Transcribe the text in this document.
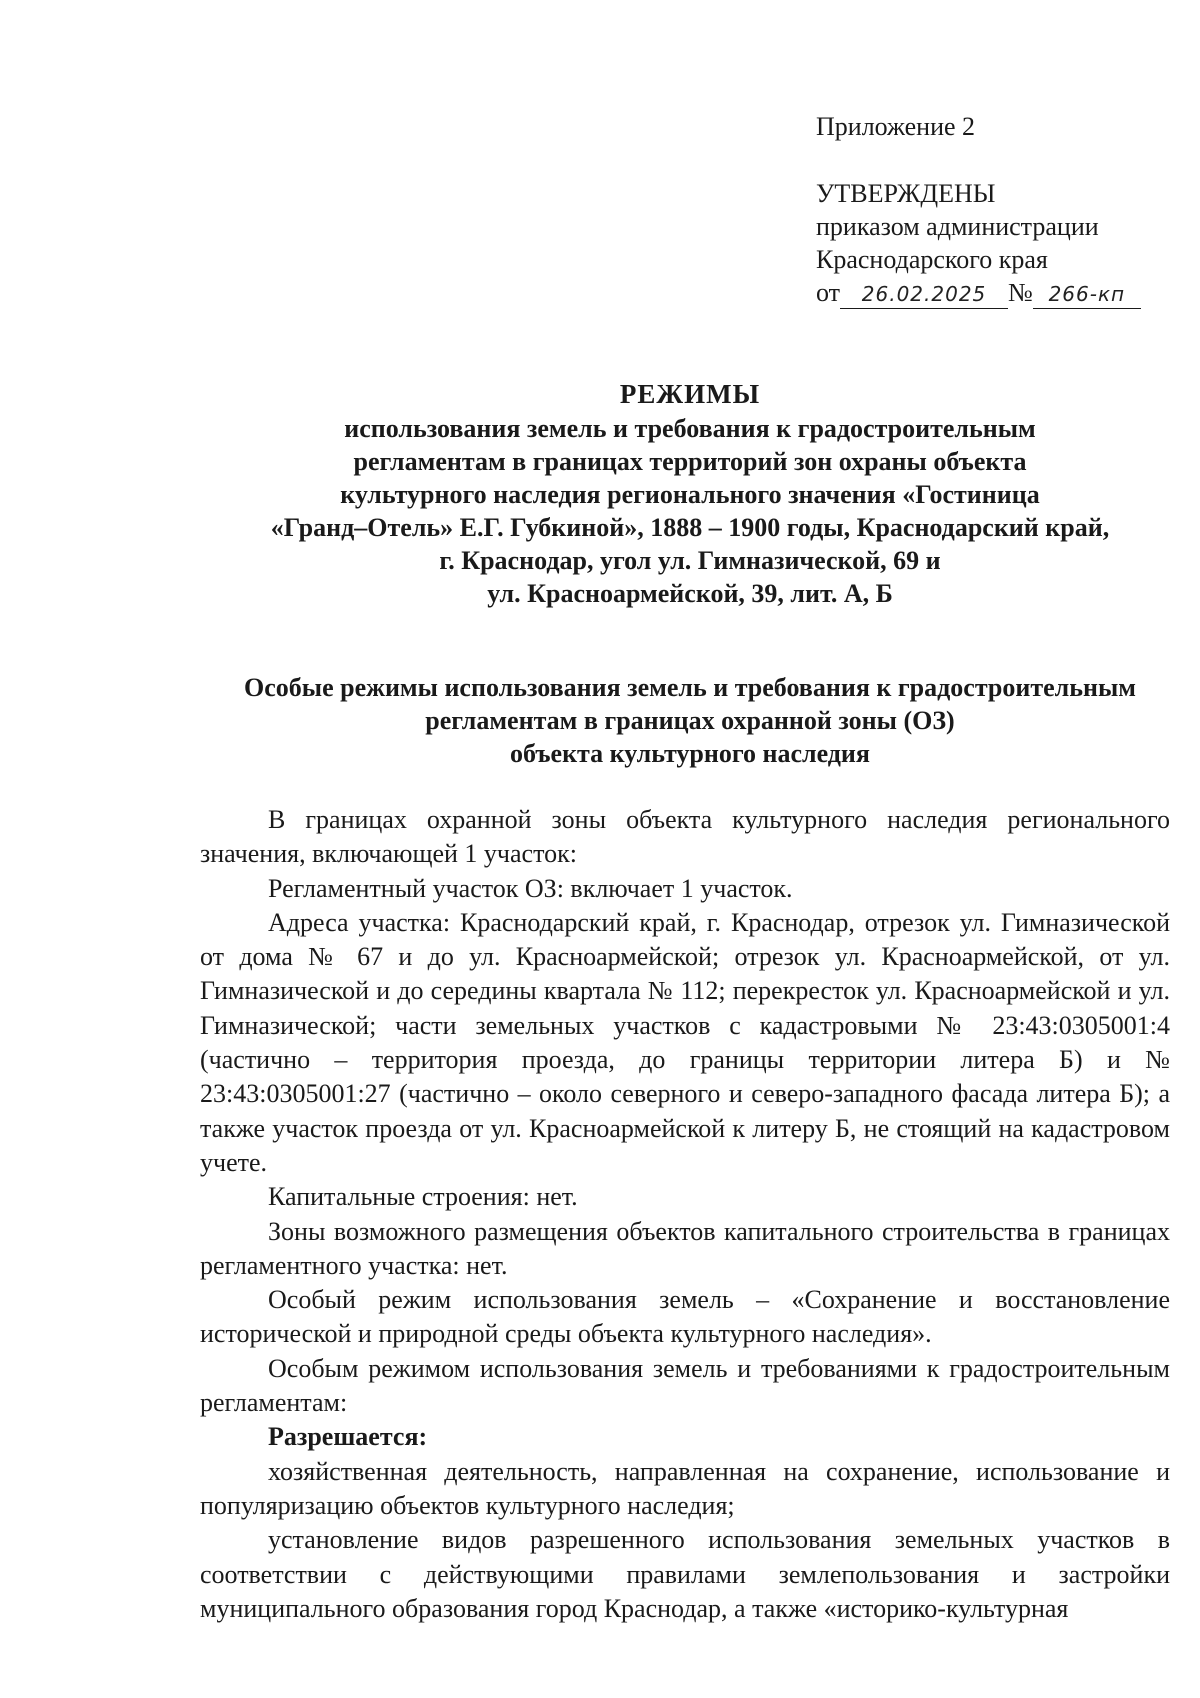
Приложение 2
УТВЕРЖДЕНЫ
приказом администрации
Краснодарского края
от 26.02.2025 № 266-кп
РЕЖИМЫ
использования земель и требования к градостроительным
регламентам в границах территорий зон охраны объекта
культурного наследия регионального значения «Гостиница
«Гранд–Отель» Е.Г. Губкиной», 1888 – 1900 годы, Краснодарский край,
г. Краснодар, угол ул. Гимназической, 69 и
ул. Красноармейской, 39, лит. А, Б
Особые режимы использования земель и требования к градостроительным
регламентам в границах охранной зоны (ОЗ)
объекта культурного наследия

В границах охранной зоны объекта культурного наследия регионального значения, включающей 1 участок:

Регламентный участок ОЗ: включает 1 участок.

Адреса участка: Краснодарский край, г. Краснодар, отрезок ул. Гимназической от дома № 67 и до ул. Красноармейской; отрезок ул. Красноармейской, от ул. Гимназической и до середины квартала № 112; перекресток ул. Красноармейской и ул. Гимназической; части земельных участков с кадастровыми № 23:43:0305001:4 (частично – территория проезда, до границы территории литера Б) и № 23:43:0305001:27 (частично – около северного и северо-западного фасада литера Б); а также участок проезда от ул. Красноармейской к литеру Б, не стоящий на кадастровом учете.

Капитальные строения: нет.

Зоны возможного размещения объектов капитального строительства в границах регламентного участка: нет.

Особый режим использования земель – «Сохранение и восстановление исторической и природной среды объекта культурного наследия».

Особым режимом использования земель и требованиями к градостроительным регламентам:

Разрешается:

хозяйственная деятельность, направленная на сохранение, использование и популяризацию объектов культурного наследия;

установление видов разрешенного использования земельных участков в соответствии с действующими правилами землепользования и застройки муниципального образования город Краснодар, а также «историко-культурная
